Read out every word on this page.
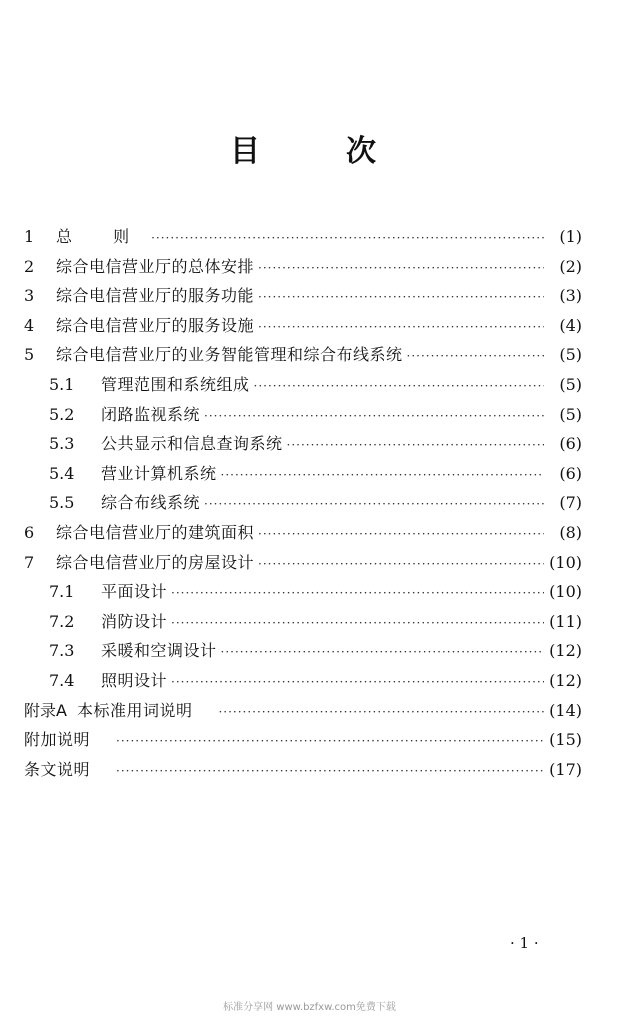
目	次
1	总 则 ·····	(1)
2	综合电信营业厅的总体安排 ·····	(2)
3	综合电信营业厅的服务功能 ·····	(3)
4	综合电信营业厅的服务设施 ·····	(4)
5	综合电信营业厅的业务智能管理和综合布线系统 ·····	(5)
5.1	管理范围和系统组成 ·····	(5)
5.2	闭路监视系统 ·····	(5)
5.3	公共显示和信息查询系统 ·····	(6)
5.4	营业计算机系统 ·····	(6)
5.5	综合布线系统 ·····	(7)
6	综合电信营业厅的建筑面积 ·····	(8)
7	综合电信营业厅的房屋设计 ·····	(10)
7.1	平面设计 ·····	(10)
7.2	消防设计 ·····	(11)
7.3	采暖和空调设计 ·····	(12)
7.4	照明设计 ·····	(12)
附录A 本标准用词说明 ·····	(14)
附加说明 ·····	(15)
条文说明 ·····	(17)
· 1 ·
标准分享网 www.bzfxw.com免费下载
